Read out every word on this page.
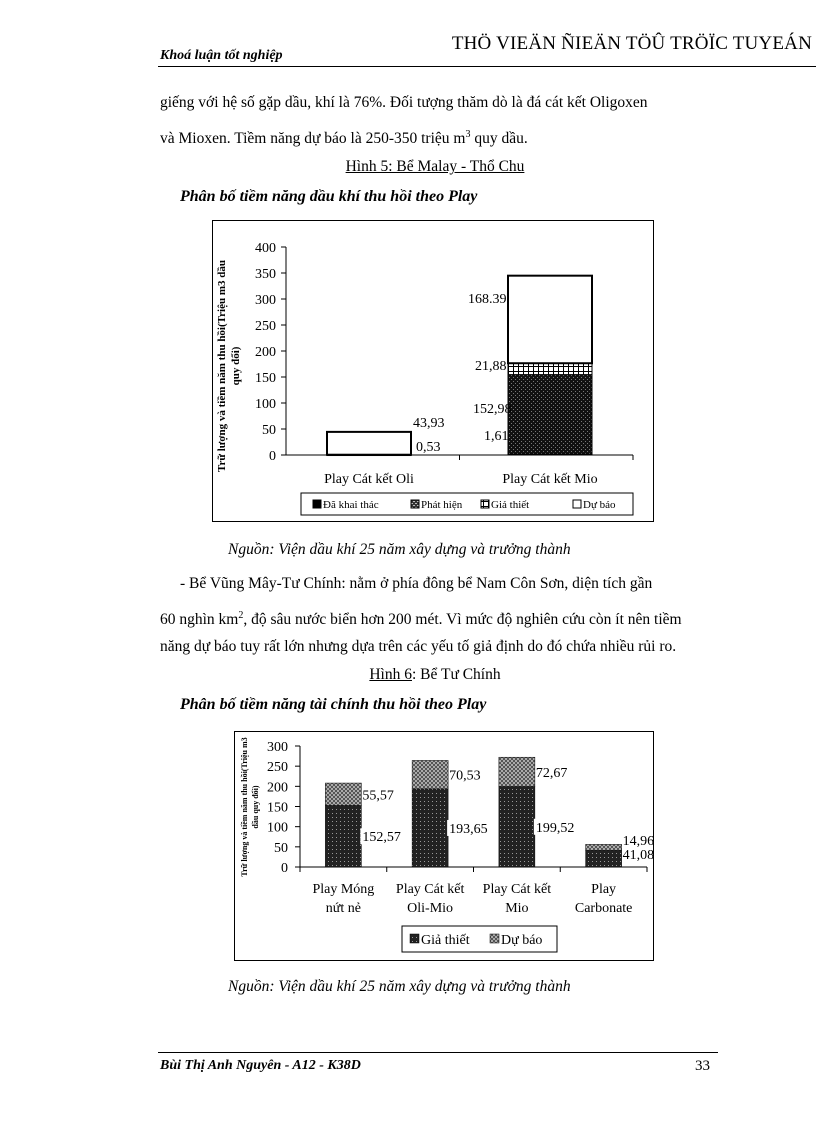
Khoá luận tốt nghiệp
THÖ VIEÄN ÑIEÄN TÖÛ TRÖÏC TUYEÁN
giếng với hệ số gặp dầu, khí là 76%. Đối tượng thăm dò là đá cát kết Oligoxen
và Mioxen. Tiềm năng dự báo là 250-350 triệu $m^3$ quy dầu.
Hình 5: Bể Malay - Thổ Chu
Phân bố tiềm năng dầu khí thu hồi theo Play
0
50
100
150
200
250
300
350
400
Play Cát kết Oli	Play Cát kết Mio
43,93
0,53
168.39
21,88
152,98
1,61
Trữ lượng và tiềm năm thu hồi(Triệu m3 dầu quy đổi)
Đã khai thác	Phát hiện	Giả thiết	Dự báo
Nguồn: Viện dầu khí 25 năm xây dựng và trưởng thành
- Bể Vũng Mây-Tư Chính: nằm ở phía đông bể Nam Côn Sơn, diện tích gần
60 nghìn $km^2$, độ sâu nước biển hơn 200 mét. Vì mức độ nghiên cứu còn ít nên tiềm
năng dự báo tuy rất lớn nhưng dựa trên các yếu tố giả định do đó chứa nhiều rủi ro.
Hình 6: Bể Tư Chính
Phân bố tiềm năng tài chính thu hồi theo Play
0
50
100
150
200
250
300
Play Móng
nứt nẻ
55,57
152,57
Play Cát kết
Oli-Mio
70,53
193,65
Play Cát kết
Mio
72,67
199,52
Play
Carbonate
14,96
41,08
Trữ lượng và tiềm năm thu hồi(Triệu m3 dầu quy đổi)
Giả thiết Dự báo
Nguồn: Viện dầu khí 25 năm xây dựng và trưởng thành
Bùi Thị Anh Nguyên - A12 - K38D	33
